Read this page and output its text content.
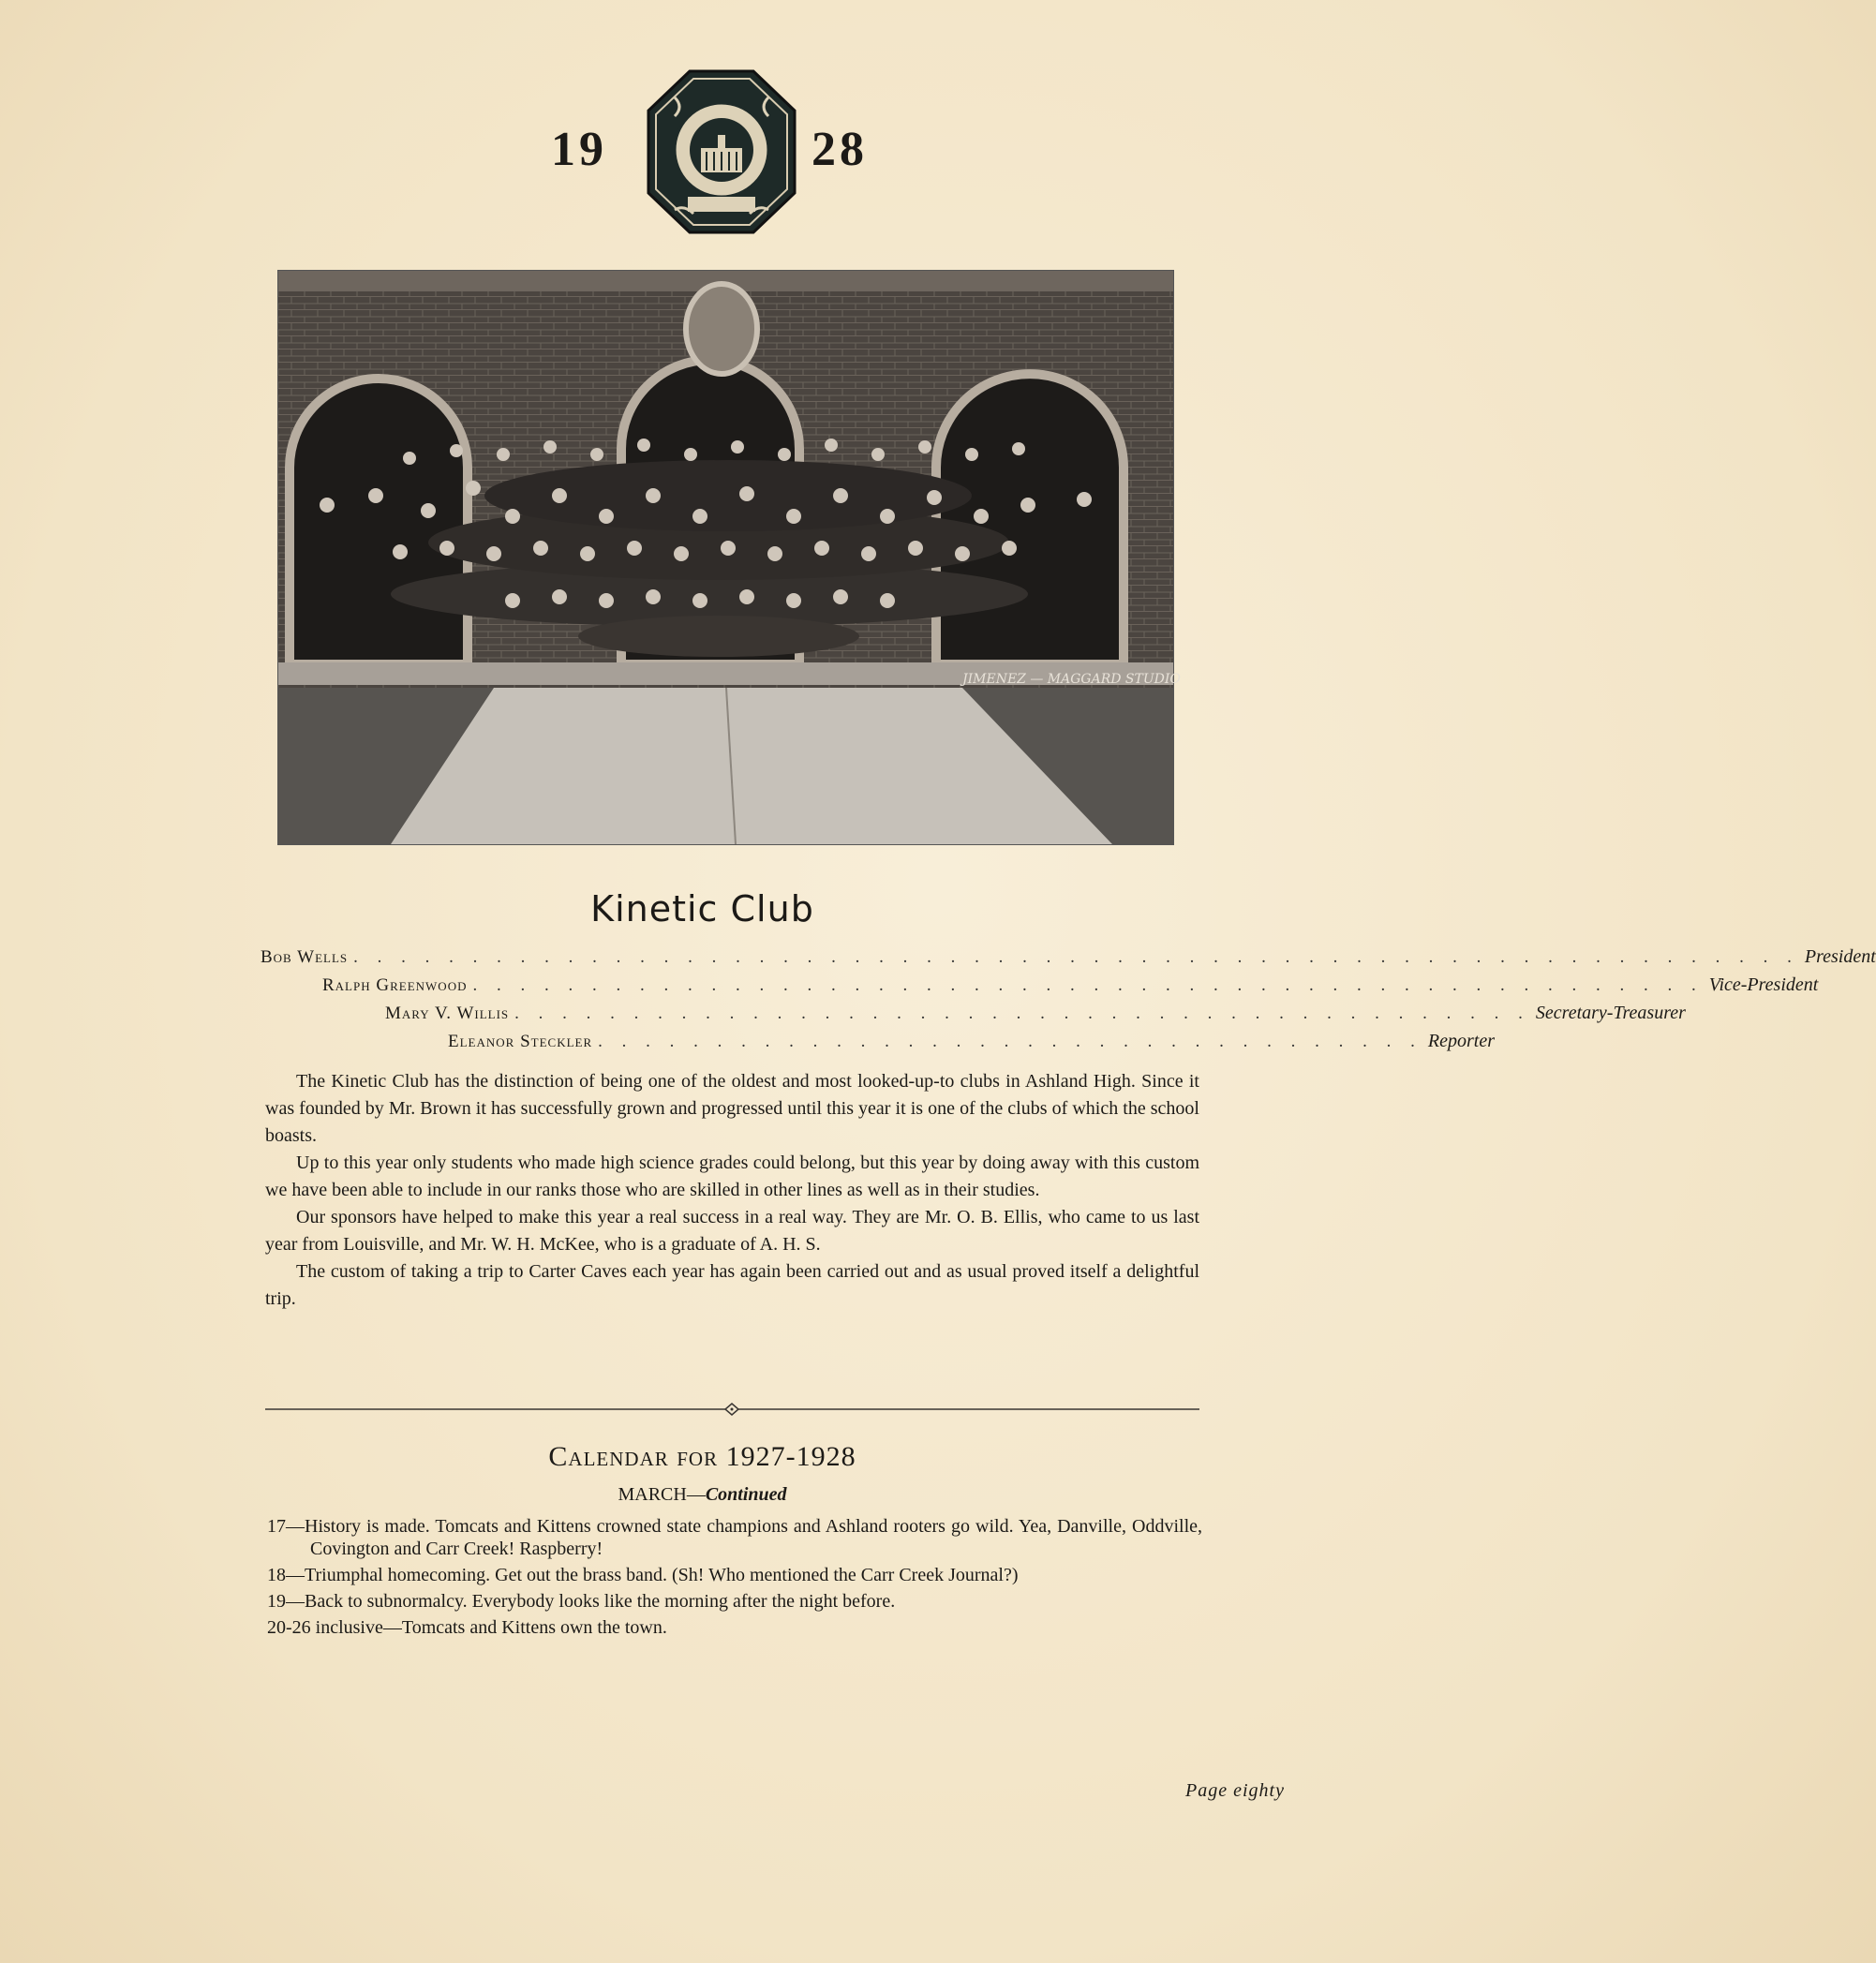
19	28
JIMENEZ — MAGGARD STUDIO
Kinetic Club
Bob Wells . . . . . . . . . . . . . . . . . . . . . . . . . . . . . . . . . . . . . . . . . . . . . . . . . . . . . . . . . . . . . President
Ralph Greenwood . . . . . . . . . . . . . . . . . . . . . . . . . . . . . . . . . . . . . . . . . . . . . . . . . . . . Vice-President
Mary V. Willis . . . . . . . . . . . . . . . . . . . . . . . . . . . . . . . . . . . . . . . . . . . Secretary-Treasurer
Eleanor Steckler . . . . . . . . . . . . . . . . . . . . . . . . . . . . . . . . . . . Reporter

The Kinetic Club has the distinction of being one of the oldest and most looked-up-to clubs in Ashland High. Since it was founded by Mr. Brown it has successfully grown and progressed until this year it is one of the clubs of which the school boasts.

Up to this year only students who made high science grades could belong, but this year by doing away with this custom we have been able to include in our ranks those who are skilled in other lines as well as in their studies.

Our sponsors have helped to make this year a real success in a real way. They are Mr. O. B. Ellis, who came to us last year from Louisville, and Mr. W. H. McKee, who is a graduate of A. H. S.

The custom of taking a trip to Carter Caves each year has again been carried out and as usual proved itself a delightful trip.

Calendar for 1927-1928
MARCH—Continued
17—History is made. Tomcats and Kittens crowned state champions and Ashland rooters go wild. Yea, Danville, Oddville, Covington and Carr Creek! Raspberry!
18—Triumphal homecoming. Get out the brass band. (Sh! Who mentioned the Carr Creek Journal?)
19—Back to subnormalcy. Everybody looks like the morning after the night before.
20-26 inclusive—Tomcats and Kittens own the town.
Page eighty
